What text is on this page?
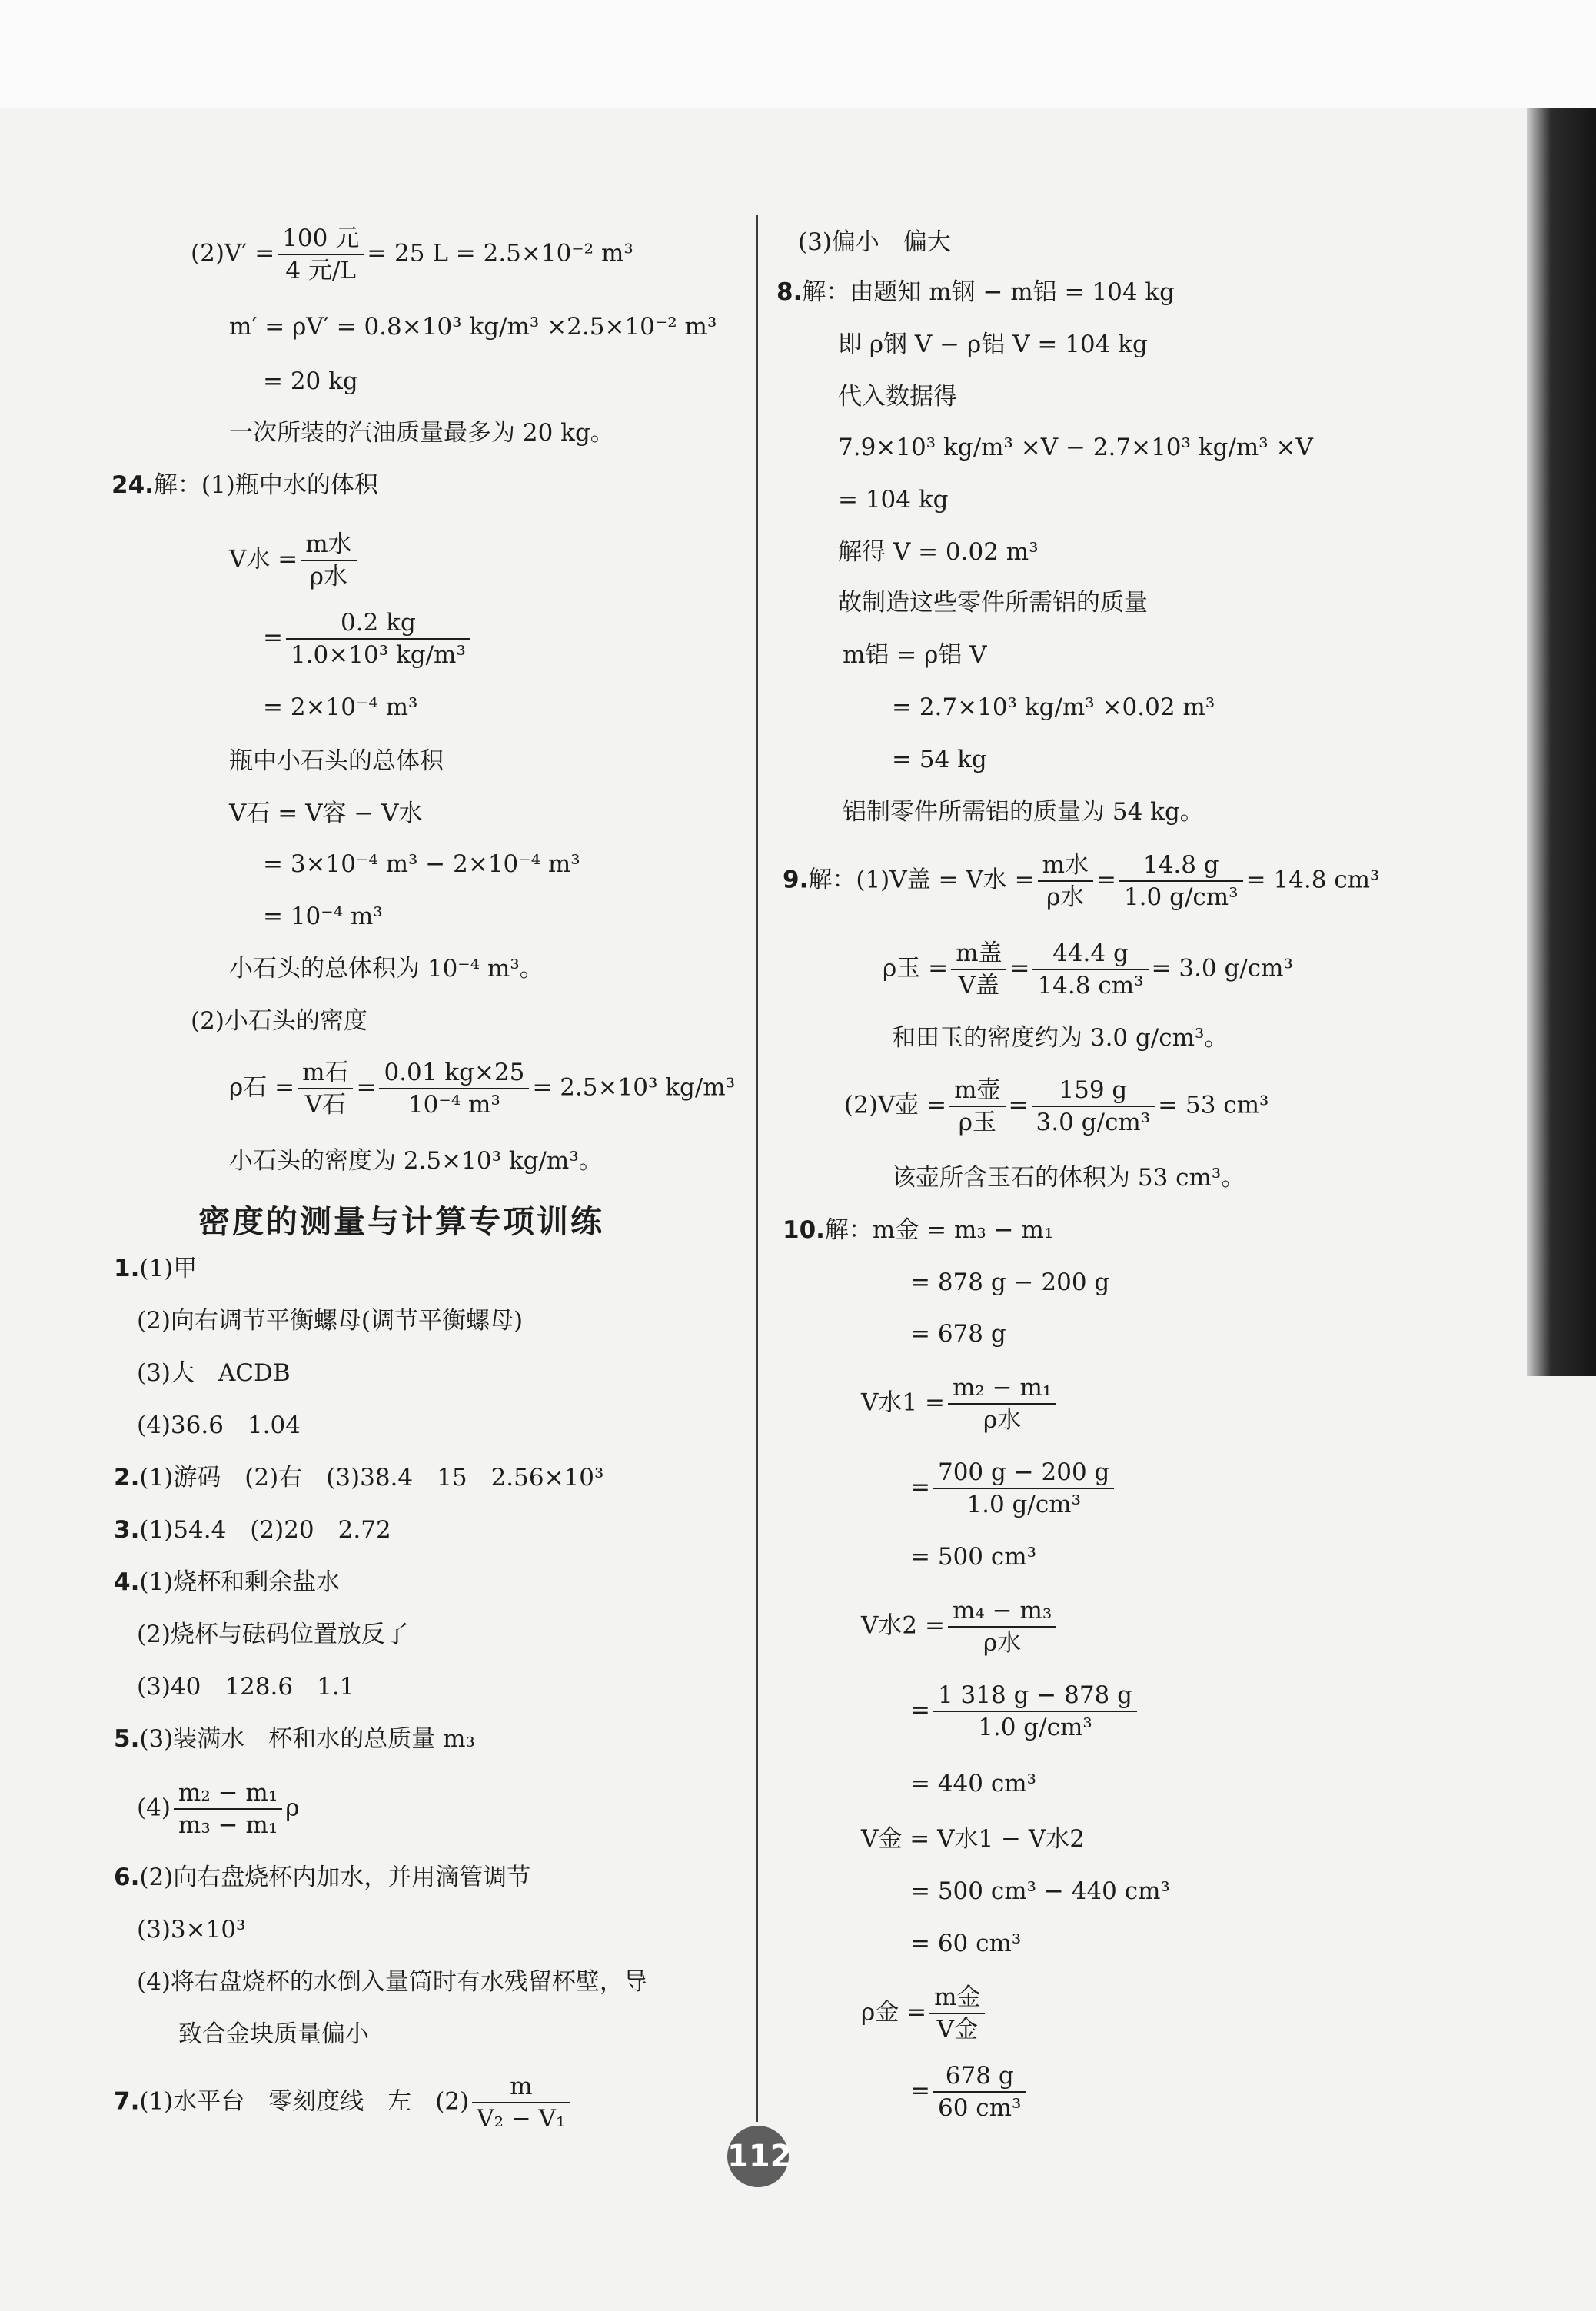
$(2)V' = \frac{\text{100 元}}{\text{4 元/L}} = 25$ L = 2.5×10⁻² m³
m′ = ρV′ = 0.8×10³ kg/m³ ×2.5×10⁻² m³
= 20 kg
一次所装的汽油质量最多为 20 kg。
24.解：(1)瓶中水的体积
V水 = $\frac{\text{m水}}{\text{ρ水}}$
= $\frac{0.2 kg}{\text{1.0×10³ kg/m³}}$
= 2×10⁻⁴ m³
瓶中小石头的总体积
V石 = V容 − V水
= 3×10⁻⁴ m³ − 2×10⁻⁴ m³
= 10⁻⁴ m³
小石头的总体积为 10⁻⁴ m³。
(2)小石头的密度
ρ石 = $\frac{\text{m石}}{\text{V石}} = \frac{0.01 kg\times 25}{\text{10⁻⁴ m³}} = 2.5\times 10^3$ kg/m³
小石头的密度为 2.5×10³ kg/m³。
密度的测量与计算专项训练
1.(1)甲
(2)向右调节平衡螺母(调节平衡螺母)
(3)大　ACDB
(4)36.6　1.04
2.(1)游码　(2)右　(3)38.4　15　2.56×10³
3.(1)54.4　(2)20　2.72
4.(1)烧杯和剩余盐水
(2)烧杯与砝码位置放反了
(3)40　128.6　1.1
5.(3)装满水　杯和水的总质量 m₃
$(4) \frac{\text{m₂ − m₁}}{\text{m₃ − m₁}}$ ρ
6.(2)向右盘烧杯内加水，并用滴管调节
(3)3×10³
(4)将右盘烧杯的水倒入量筒时有水残留杯壁，导
致合金块质量偏小
7.(1)水平台　零刻度线　左　$(2) \frac{m}{\text{V₂ − V₁}}$
(3)偏小　偏大
8.解：由题知 m钢 − m铝 = 104 kg
即 ρ钢 V − ρ铝 V = 104 kg
代入数据得
7.9×10³ kg/m³ ×V − 2.7×10³ kg/m³ ×V
= 104 kg
解得 V = 0.02 m³
故制造这些零件所需铝的质量
m铝 = ρ铝 V
= 2.7×10³ kg/m³ ×0.02 m³
= 54 kg
铝制零件所需铝的质量为 54 kg。
9.解：(1)V盖 = V水 = $\frac{\text{m水}}{\text{ρ水}} = \frac{14.8 g}{\text{1.0 g/cm³}} = 14.8$ cm³
ρ玉 = $\frac{\text{m盖}}{\text{V盖}} = \frac{44.4 g}{\text{14.8 cm³}} = 3.0$ g/cm³
和田玉的密度约为 3.0 g/cm³。
(2)V壶 = $\frac{\text{m壶}}{\text{ρ玉}} = \frac{159 g}{\text{3.0 g/cm³}} = 53$ cm³
该壶所含玉石的体积为 53 cm³。
10.解：m金 = m₃ − m₁
= 878 g − 200 g
= 678 g
V水$1 = \frac{\text{m₂ − m₁}}{\text{ρ水}}$
= $\frac{700 g - 200 g}{\text{1.0 g/cm³}}$
= 500 cm³
V水$2 = \frac{\text{m₄ − m₃}}{\text{ρ水}}$
= $\frac{1 318 g - 878 g}{\text{1.0 g/cm³}}$
= 440 cm³
V金 = V水1 − V水2
= 500 cm³ − 440 cm³
= 60 cm³
ρ金 = $\frac{\text{m金}}{\text{V金}}$
= $\frac{678 g}{\text{60 cm³}}$
112
